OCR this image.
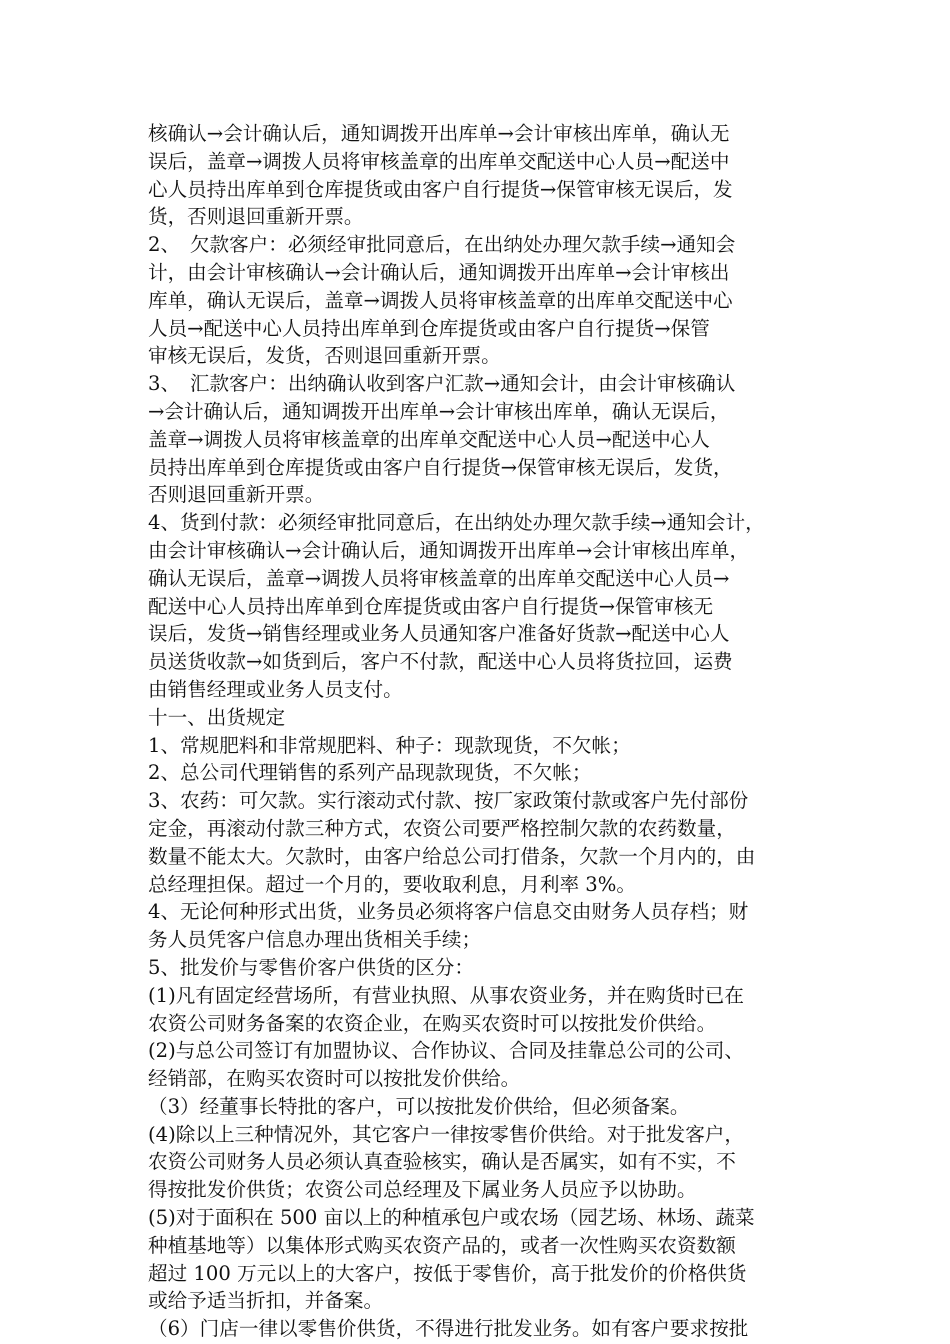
核确认→会计确认后，通知调拨开出库单→会计审核出库单，确认无
误后，盖章→调拨人员将审核盖章的出库单交配送中心人员→配送中
心人员持出库单到仓库提货或由客户自行提货→保管审核无误后，发
货，否则退回重新开票。
2、　欠款客户：必须经审批同意后，在出纳处办理欠款手续→通知会
计，由会计审核确认→会计确认后，通知调拨开出库单→会计审核出
库单，确认无误后，盖章→调拨人员将审核盖章的出库单交配送中心
人员→配送中心人员持出库单到仓库提货或由客户自行提货→保管
审核无误后，发货，否则退回重新开票。
3、　汇款客户：出纳确认收到客户汇款→通知会计，由会计审核确认
→会计确认后，通知调拨开出库单→会计审核出库单，确认无误后，
盖章→调拨人员将审核盖章的出库单交配送中心人员→配送中心人
员持出库单到仓库提货或由客户自行提货→保管审核无误后，发货，
否则退回重新开票。
4、货到付款：必须经审批同意后，在出纳处办理欠款手续→通知会计，
由会计审核确认→会计确认后，通知调拨开出库单→会计审核出库单，
确认无误后，盖章→调拨人员将审核盖章的出库单交配送中心人员→
配送中心人员持出库单到仓库提货或由客户自行提货→保管审核无
误后，发货→销售经理或业务人员通知客户准备好货款→配送中心人
员送货收款→如货到后，客户不付款，配送中心人员将货拉回，运费
由销售经理或业务人员支付。
十一、出货规定
1、常规肥料和非常规肥料、种子：现款现货，不欠帐；
2、总公司代理销售的系列产品现款现货，不欠帐；
3、农药：可欠款。实行滚动式付款、按厂家政策付款或客户先付部份
定金，再滚动付款三种方式，农资公司要严格控制欠款的农药数量，
数量不能太大。欠款时，由客户给总公司打借条，欠款一个月内的，由
总经理担保。超过一个月的，要收取利息，月利率 3%。
4、无论何种形式出货，业务员必须将客户信息交由财务人员存档；财
务人员凭客户信息办理出货相关手续；
5、批发价与零售价客户供货的区分：
(1)凡有固定经营场所，有营业执照、从事农资业务，并在购货时已在
农资公司财务备案的农资企业，在购买农资时可以按批发价供给。
(2)与总公司签订有加盟协议、合作协议、合同及挂靠总公司的公司、
经销部，在购买农资时可以按批发价供给。
（3）经董事长特批的客户，可以按批发价供给，但必须备案。
(4)除以上三种情况外，其它客户一律按零售价供给。对于批发客户，
农资公司财务人员必须认真查验核实，确认是否属实，如有不实，不
得按批发价供货；农资公司总经理及下属业务人员应予以协助。
(5)对于面积在 500 亩以上的种植承包户或农场（园艺场、林场、蔬菜
种植基地等）以集体形式购买农资产品的，或者一次性购买农资数额
超过 100 万元以上的大客户，按低于零售价，高于批发价的价格供货
或给予适当折扣，并备案。
（6）门店一律以零售价供货，不得进行批发业务。如有客户要求按批
